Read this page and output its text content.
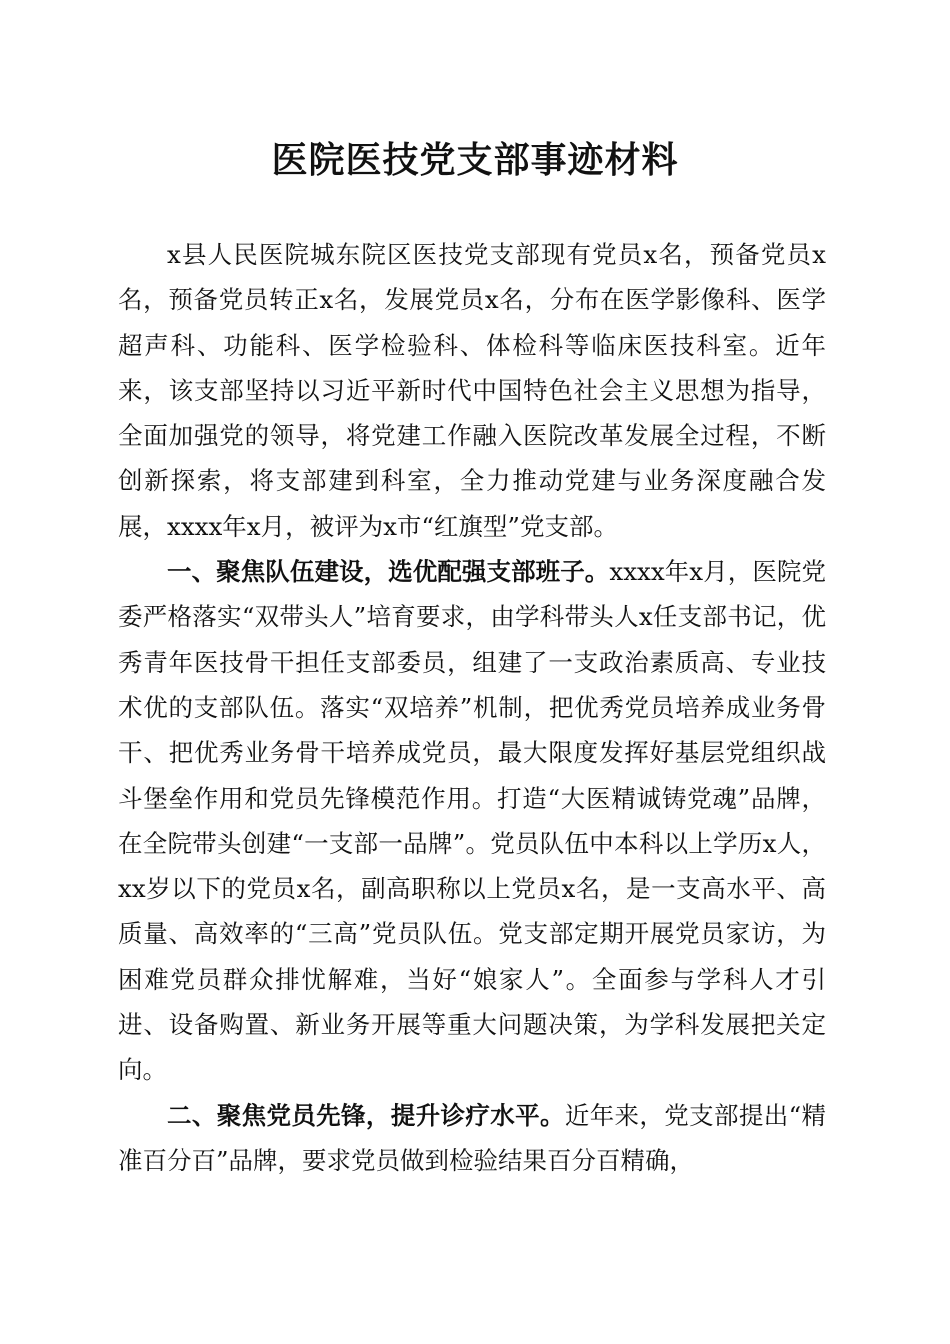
医院医技党支部事迹材料

x县人民医院城东院区医技党支部现有党员x名，预备党员x名，预备党员转正x名，发展党员x名，分布在医学影像科、医学超声科、功能科、医学检验科、体检科等临床医技科室。近年来，该支部坚持以习近平新时代中国特色社会主义思想为指导，全面加强党的领导，将党建工作融入医院改革发展全过程，不断创新探索，将支部建到科室，全力推动党建与业务深度融合发展，xxxx年x月，被评为x市“红旗型”党支部。

一、聚焦队伍建设，选优配强支部班子。xxxx年x月，医院党委严格落实“双带头人”培育要求，由学科带头人x任支部书记，优秀青年医技骨干担任支部委员，组建了一支政治素质高、专业技术优的支部队伍。落实“双培养”机制，把优秀党员培养成业务骨干、把优秀业务骨干培养成党员，最大限度发挥好基层党组织战斗堡垒作用和党员先锋模范作用。打造“大医精诚铸党魂”品牌，在全院带头创建“一支部一品牌”。党员队伍中本科以上学历x人，xx岁以下的党员x名，副高职称以上党员x名，是一支高水平、高质量、高效率的“三高”党员队伍。党支部定期开展党员家访，为困难党员群众排忧解难，当好“娘家人”。全面参与学科人才引进、设备购置、新业务开展等重大问题决策，为学科发展把关定向。

二、聚焦党员先锋，提升诊疗水平。近年来，党支部提出“精准百分百”品牌，要求党员做到检验结果百分百精确，
